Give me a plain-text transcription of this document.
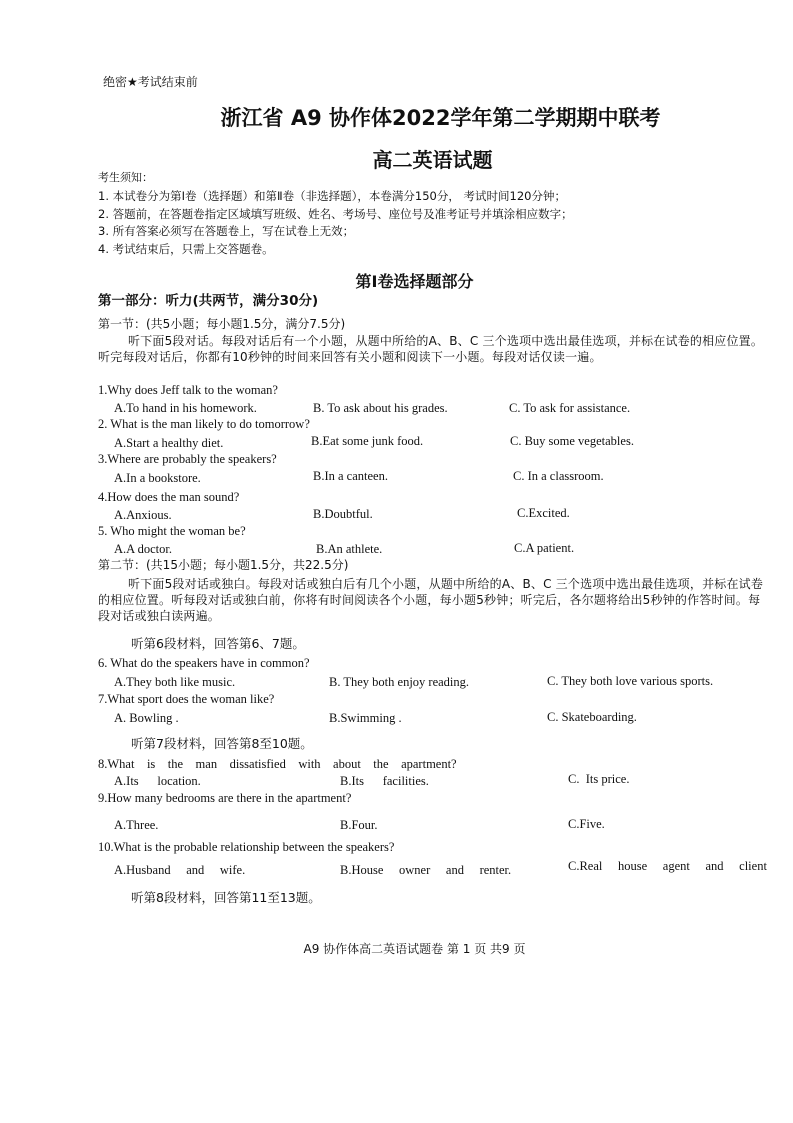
绝密★考试结束前
浙江省 A9 协作体2022学年第二学期期中联考
高二英语试题
考生须知：
1. 本试卷分为第Ⅰ卷（选择题）和第Ⅱ卷（非选择题），本卷满分150分， 考试时间120分钟；
2. 答题前，在答题卷指定区域填写班级、姓名、考场号、座位号及准考证号并填涂相应数字；
3. 所有答案必须写在答题卷上，写在试卷上无效；
4. 考试结束后，只需上交答题卷。
第Ⅰ卷选择题部分
第一部分：听力(共两节，满分30分)
第一节：(共5小题；每小题1.5分，满分7.5分)
听下面5段对话。每段对话后有一个小题，从题中所给的A、B、C 三个选项中选出最佳选项，并标在试卷的相应位置。听完每段对话后，你都有10秒钟的时间来回答有关小题和阅读下一小题。每段对话仅读一遍。
1.Why does Jeff talk to the woman?
A.To hand in his homework.	B. To ask about his grades.	C. To ask for assistance.
2. What is the man likely to do tomorrow?
A.Start a healthy diet.	B.Eat some junk food.	C. Buy some vegetables.
3.Where are probably the speakers?
A.In a bookstore.	B.In a canteen.	C. In a classroom.
4.How does the man sound?
A.Anxious.	B.Doubtful.	C.Excited.
5. Who might the woman be?
A.A doctor.	B.An athlete.	C.A patient.
第二节：(共15小题；每小题1.5分，共22.5分)
听下面5段对话或独白。每段对话或独白后有几个小题，从题中所给的A、B、C 三个选项中选出最佳选项，并标在试卷的相应位置。听每段对话或独白前，你将有时间阅读各个小题，每小题5秒钟；听完后，各尔题将给出5秒钟的作答时间。每段对话或独白读两遍。
听第6段材料，回答第6、7题。
6. What do the speakers have in common?
A.They both like music.	B. They both enjoy reading.	C. They both love various sports.
7.What sport does the woman like?
A. Bowling .	B.Swimming .	C. Skateboarding.
听第7段材料，回答第8至10题。
8.What    is    the    man    dissatisfied    with    about    the    apartment?
A.Its      location.	B.Its      facilities.	C.  Its price.
9.How many bedrooms are there in the apartment?
A.Three.	B.Four.	C.Five.
10.What is the probable relationship between the speakers?
A.Husband     and     wife.	B.House     owner     and     renter.	C.Real     house     agent     and     client
听第8段材料，回答第11至13题。
A9 协作体高二英语试题卷 第 1 页 共9 页
